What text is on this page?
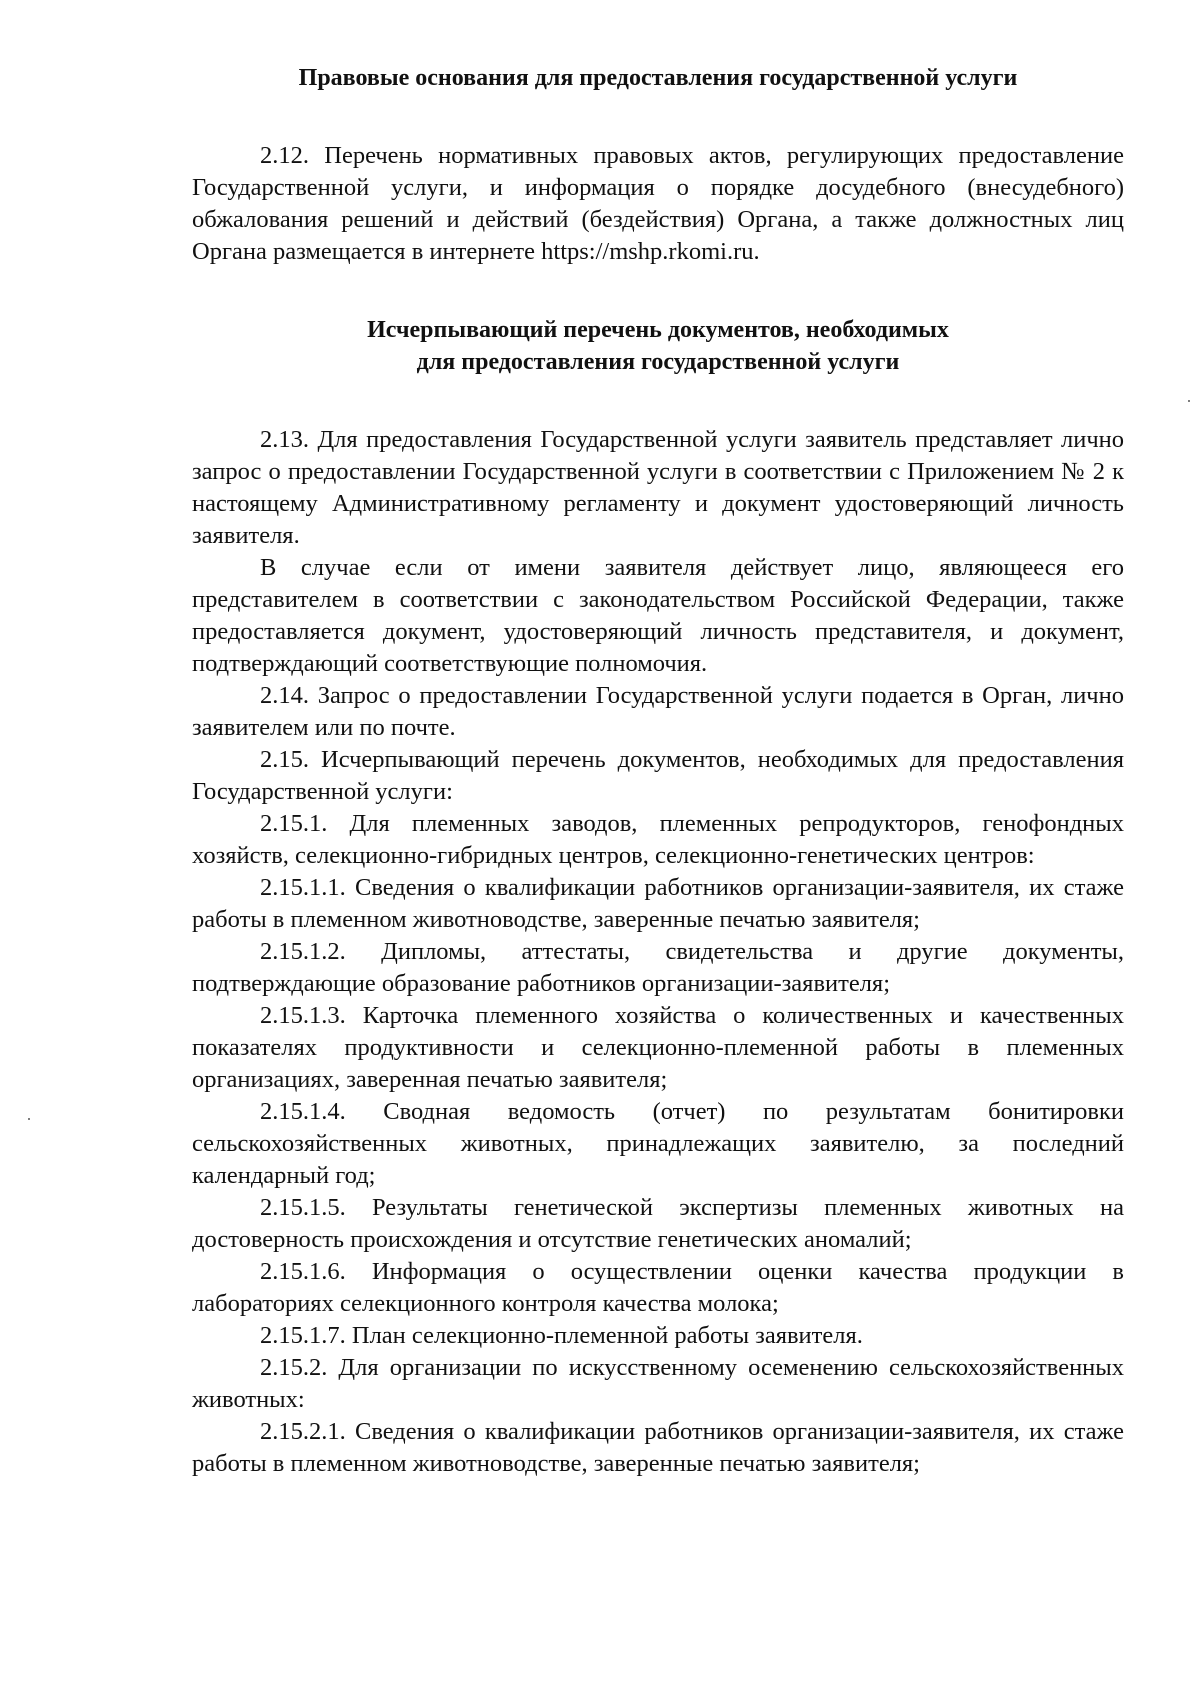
Правовые основания для предоставления государственной услуги

2.12. Перечень нормативных правовых актов, регулирующих предоставление Государственной услуги, и информация о порядке досудебного (внесудебного) обжалования решений и действий (бездействия) Органа, а также должностных лиц Органа размещается в интернете https://mshp.rkomi.ru.

Исчерпывающий перечень документов, необходимых
для предоставления государственной услуги

2.13. Для предоставления Государственной услуги заявитель представляет лично запрос о предоставлении Государственной услуги в соответствии с Приложением № 2 к настоящему Административному регламенту и документ удостоверяющий личность заявителя.

В случае если от имени заявителя действует лицо, являющееся его представителем в соответствии с законодательством Российской Федерации, также предоставляется документ, удостоверяющий личность представителя, и документ, подтверждающий соответствующие полномочия.

2.14. Запрос о предоставлении Государственной услуги подается в Орган, лично заявителем или по почте.

2.15. Исчерпывающий перечень документов, необходимых для предоставления Государственной услуги:

2.15.1. Для племенных заводов, племенных репродукторов, генофондных хозяйств, селекционно-гибридных центров, селекционно-генетических центров:

2.15.1.1. Сведения о квалификации работников организации-заявителя, их стаже работы в племенном животноводстве, заверенные печатью заявителя;

2.15.1.2. Дипломы, аттестаты, свидетельства и другие документы, подтверждающие образование работников организации-заявителя;

2.15.1.3. Карточка племенного хозяйства о количественных и качественных показателях продуктивности и селекционно-племенной работы в племенных организациях, заверенная печатью заявителя;

2.15.1.4. Сводная ведомость (отчет) по результатам бонитировки сельскохозяйственных животных, принадлежащих заявителю, за последний календарный год;

2.15.1.5. Результаты генетической экспертизы племенных животных на достоверность происхождения и отсутствие генетических аномалий;

2.15.1.6. Информация о осуществлении оценки качества продукции в лабораториях селекционного контроля качества молока;

2.15.1.7. План селекционно-племенной работы заявителя.

2.15.2. Для организации по искусственному осеменению сельскохозяйственных животных:

2.15.2.1. Сведения о квалификации работников организации-заявителя, их стаже работы в племенном животноводстве, заверенные печатью заявителя;
